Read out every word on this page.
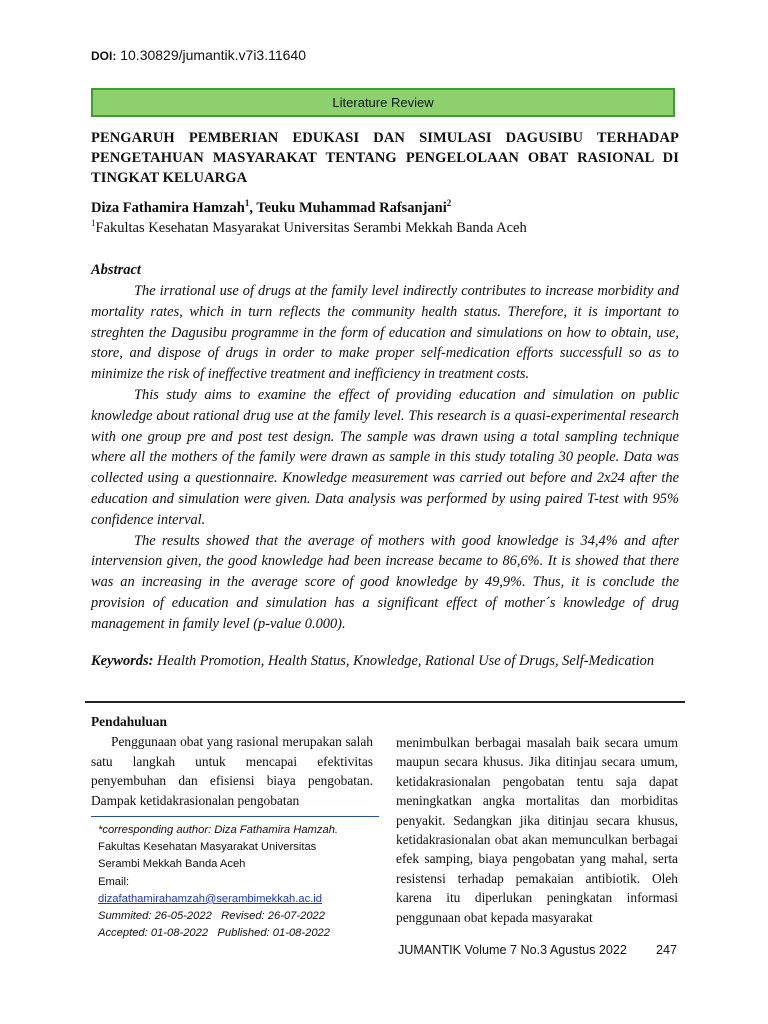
DOI: 10.30829/jumantik.v7i3.11640
Literature Review
PENGARUH PEMBERIAN EDUKASI DAN SIMULASI DAGUSIBU TERHADAP PENGETAHUAN MASYARAKAT TENTANG PENGELOLAAN OBAT RASIONAL DI TINGKAT KELUARGA
Diza Fathamira Hamzah$^1$, Teuku Muhammad Rafsanjani$^2$
$^1$Fakultas Kesehatan Masyarakat Universitas Serambi Mekkah Banda Aceh
Abstract

The irrational use of drugs at the family level indirectly contributes to increase morbidity and mortality rates, which in turn reflects the community health status. Therefore, it is important to streghten the Dagusibu programme in the form of education and simulations on how to obtain, use, store, and dispose of drugs in order to make proper self-medication efforts successfull so as to minimize the risk of ineffective treatment and inefficiency in treatment costs.

This study aims to examine the effect of providing education and simulation on public knowledge about rational drug use at the family level. This research is a quasi-experimental research with one group pre and post test design. The sample was drawn using a total sampling technique where all the mothers of the family were drawn as sample in this study totaling 30 people. Data was collected using a questionnaire. Knowledge measurement was carried out before and 2x24 after the education and simulation were given. Data analysis was performed by using paired T-test with 95% confidence interval.

The results showed that the average of mothers with good knowledge is 34,4% and after intervension given, the good knowledge had been increase became to 86,6%. It is showed that there was an increasing in the average score of good knowledge by 49,9%. Thus, it is conclude the provision of education and simulation has a significant effect of mother´s knowledge of drug management in family level (p-value 0.000).

Keywords: Health Promotion, Health Status, Knowledge, Rational Use of Drugs, Self-Medication
Pendahuluan

Penggunaan obat yang rasional merupakan salah satu langkah untuk mencapai efektivitas penyembuhan dan efisiensi biaya pengobatan. Dampak ketidakrasionalan pengobatan

*corresponding author: Diza Fathamira Hamzah.
Fakultas Kesehatan Masyarakat Universitas
Serambi Mekkah Banda Aceh
Email:
dizafathamirahamzah@serambimekkah.ac.id
Summited: 26-05-2022 Revised: 26-07-2022
Accepted: 01-08-2022 Published: 01-08-2022

menimbulkan berbagai masalah baik secara umum maupun secara khusus. Jika ditinjau secara umum, ketidakrasionalan pengobatan tentu saja dapat meningkatkan angka mortalitas dan morbiditas penyakit. Sedangkan jika ditinjau secara khusus, ketidakrasionalan obat akan memunculkan berbagai efek samping, biaya pengobatan yang mahal, serta resistensi terhadap pemakaian antibiotik. Oleh karena itu diperlukan peningkatan informasi penggunaan obat kepada masyarakat

JUMANTIK Volume 7 No.3 Agustus 2022 247
